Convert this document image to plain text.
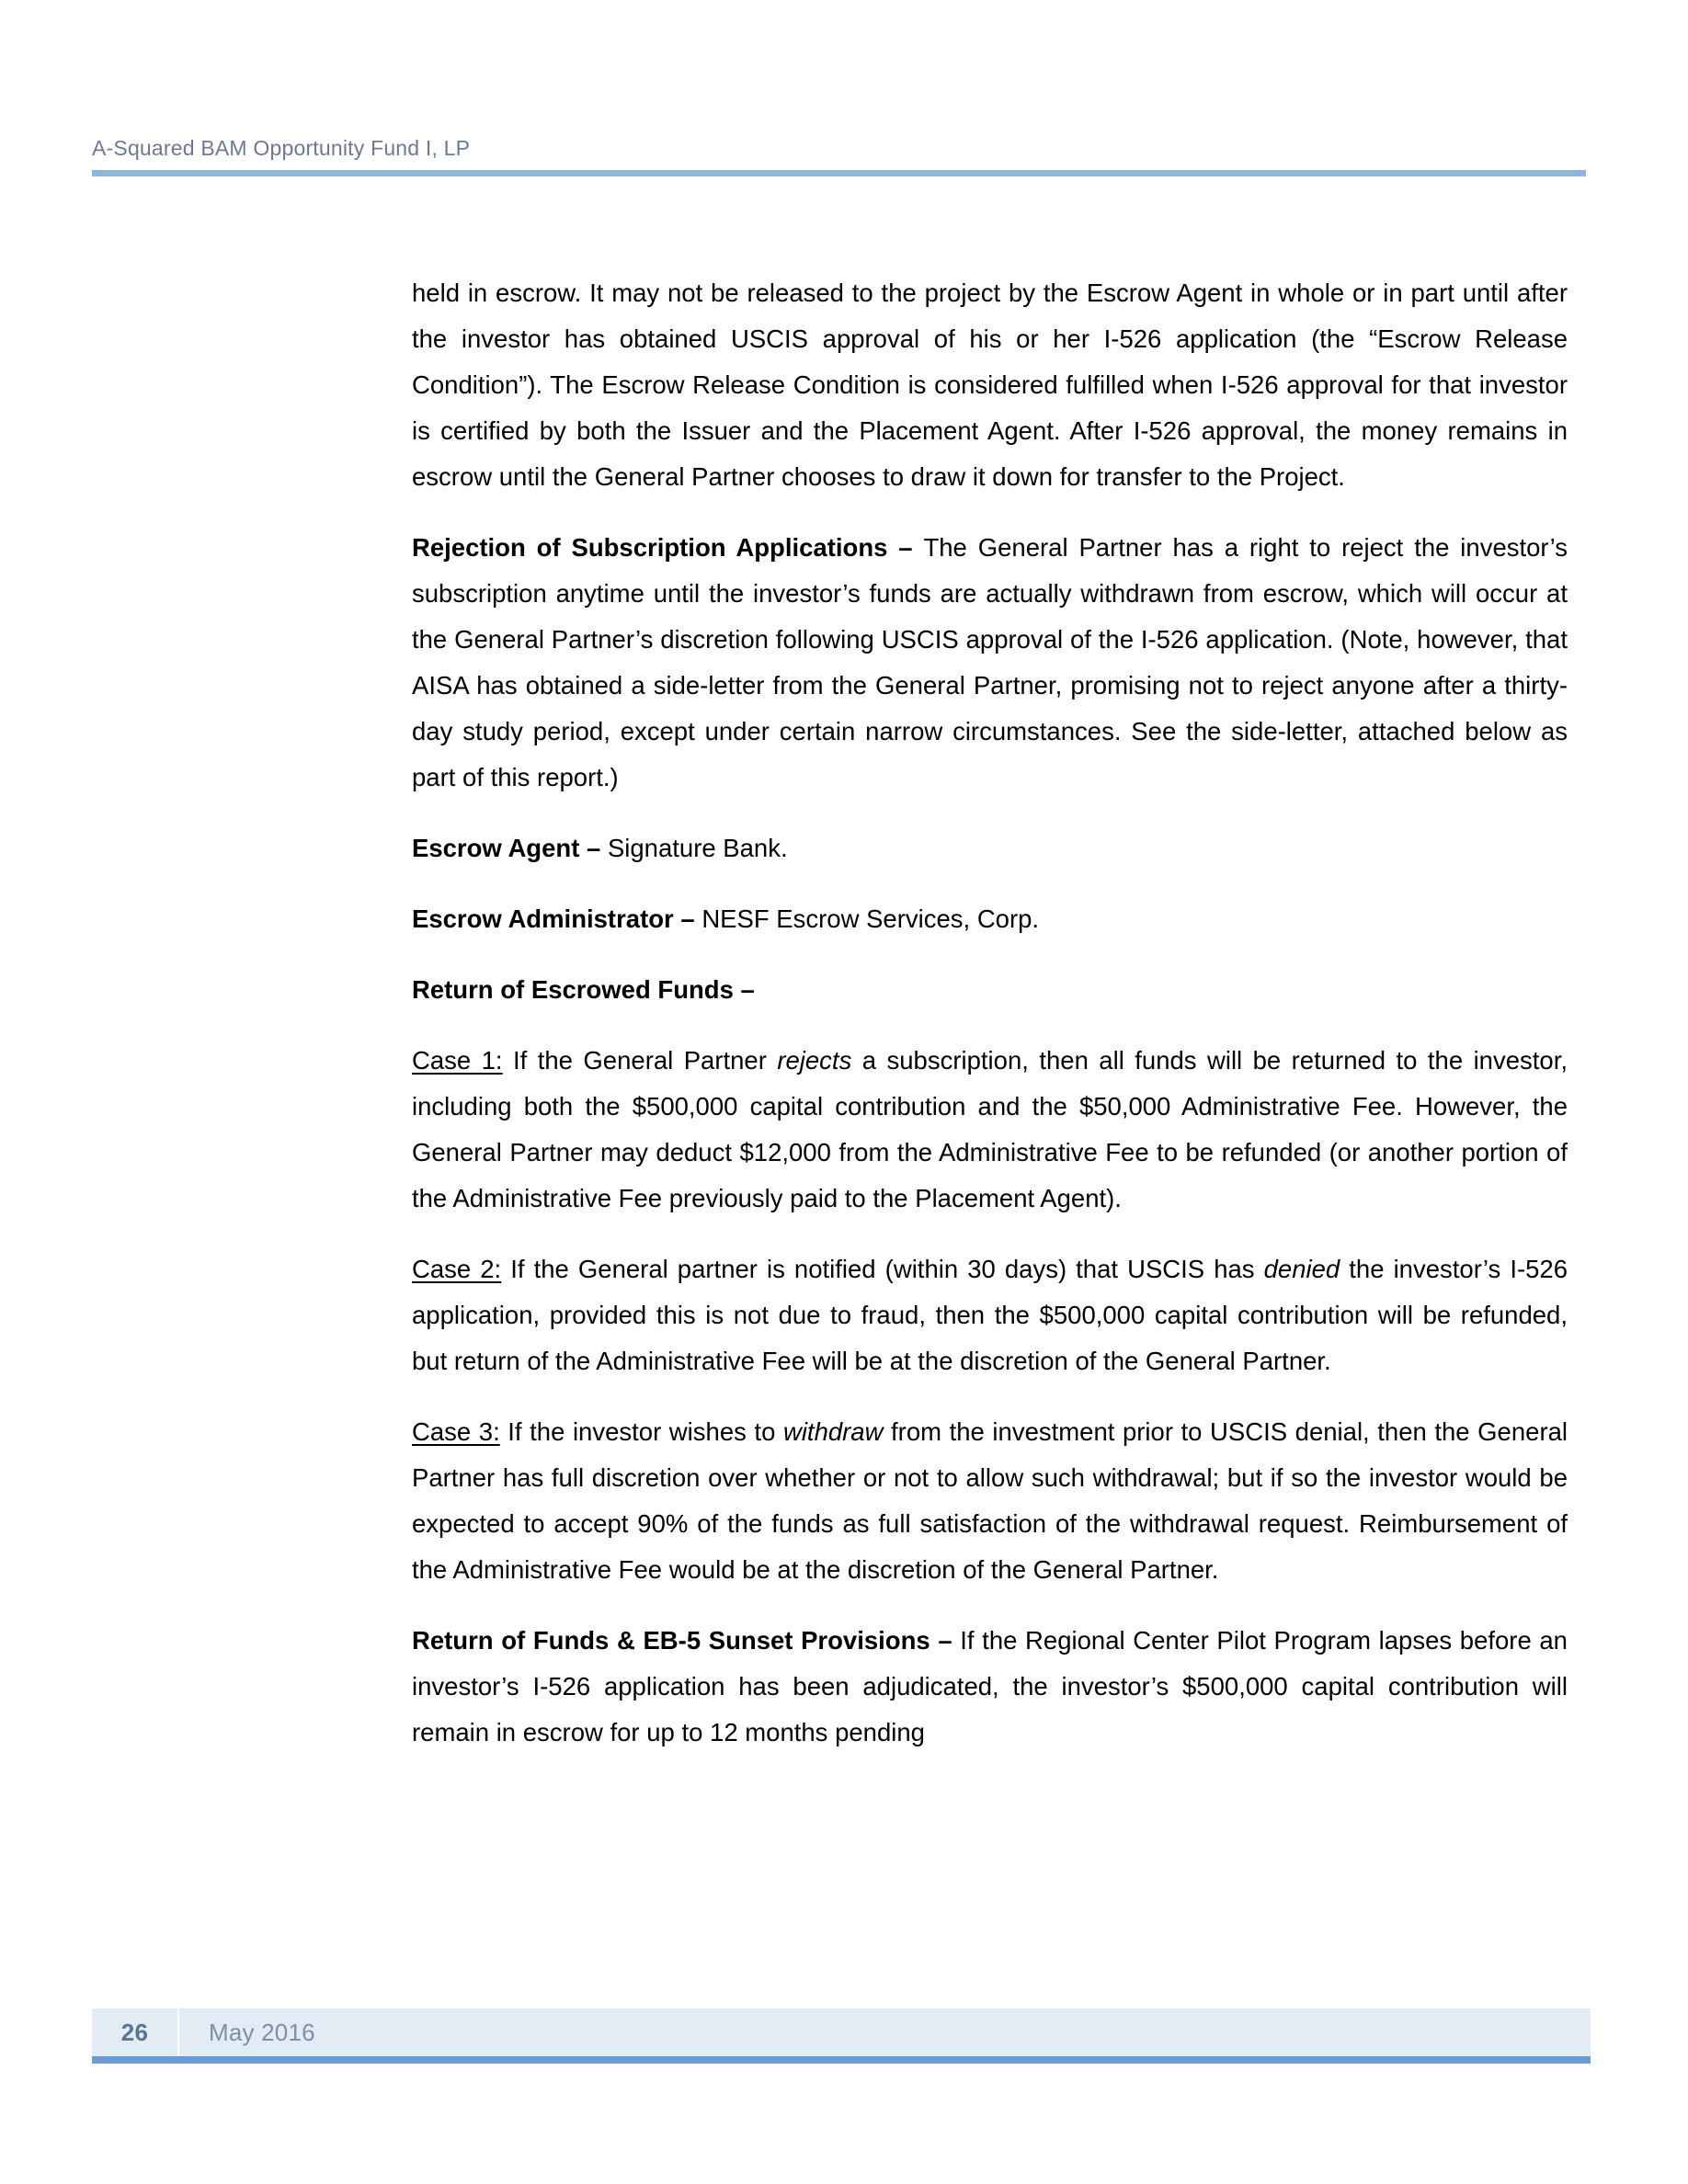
A-Squared BAM Opportunity Fund I, LP

held in escrow. It may not be released to the project by the Escrow Agent in whole or in part until after the investor has obtained USCIS approval of his or her I-526 application (the “Escrow Release Condition”). The Escrow Release Condition is considered fulfilled when I-526 approval for that investor is certified by both the Issuer and the Placement Agent. After I-526 approval, the money remains in escrow until the General Partner chooses to draw it down for transfer to the Project.

Rejection of Subscription Applications – The General Partner has a right to reject the investor’s subscription anytime until the investor’s funds are actually withdrawn from escrow, which will occur at the General Partner’s discretion following USCIS approval of the I-526 application. (Note, however, that AISA has obtained a side-letter from the General Partner, promising not to reject anyone after a thirty-day study period, except under certain narrow circumstances. See the side-letter, attached below as part of this report.)

Escrow Agent – Signature Bank.

Escrow Administrator – NESF Escrow Services, Corp.

Return of Escrowed Funds –

Case 1: If the General Partner rejects a subscription, then all funds will be returned to the investor, including both the $500,000 capital contribution and the $50,000 Administrative Fee. However, the General Partner may deduct $12,000 from the Administrative Fee to be refunded (or another portion of the Administrative Fee previously paid to the Placement Agent).

Case 2: If the General partner is notified (within 30 days) that USCIS has denied the investor’s I-526 application, provided this is not due to fraud, then the $500,000 capital contribution will be refunded, but return of the Administrative Fee will be at the discretion of the General Partner.

Case 3: If the investor wishes to withdraw from the investment prior to USCIS denial, then the General Partner has full discretion over whether or not to allow such withdrawal; but if so the investor would be expected to accept 90% of the funds as full satisfaction of the withdrawal request. Reimbursement of the Administrative Fee would be at the discretion of the General Partner.

Return of Funds & EB-5 Sunset Provisions – If the Regional Center Pilot Program lapses before an investor’s I-526 application has been adjudicated, the investor’s $500,000 capital contribution will remain in escrow for up to 12 months pending

26	May 2016
